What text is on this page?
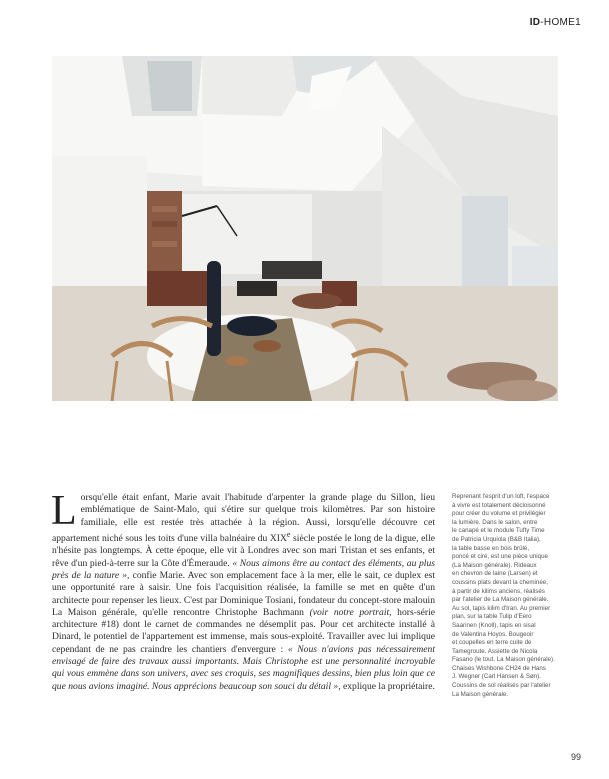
ID-HOME1

Lorsqu'elle était enfant, Marie avait l'habitude d'arpenter la grande plage du Sillon, lieu emblématique de Saint-Malo, qui s'étire sur quelque trois kilomètres. Par son histoire familiale, elle est restée très attachée à la région. Aussi, lorsqu'elle découvre cet appartement niché sous les toits d'une villa balnéaire du XIXe siècle postée le long de la digue, elle n'hésite pas longtemps. À cette époque, elle vit à Londres avec son mari Tristan et ses enfants, et rêve d'un pied-à-terre sur la Côte d'Émeraude. « Nous aimons être au contact des éléments, au plus près de la nature », confie Marie. Avec son emplacement face à la mer, elle le sait, ce duplex est une opportunité rare à saisir. Une fois l'acquisition réalisée, la famille se met en quête d'un architecte pour repenser les lieux. C'est par Dominique Tosiani, fondateur du concept-store malouin La Maison générale, qu'elle rencontre Christophe Bachmann (voir notre portrait, hors-série architecture #18) dont le carnet de commandes ne désemplit pas. Pour cet architecte installé à Dinard, le potentiel de l'appartement est immense, mais sous-exploité. Travailler avec lui implique cependant de ne pas craindre les chantiers d'envergure : « Nous n'avions pas nécessairement envisagé de faire des travaux aussi importants. Mais Christophe est une personnalité incroyable qui vous emmène dans son univers, avec ses croquis, ses magnifiques dessins, bien plus loin que ce que nous avions imaginé. Nous apprécions beaucoup son souci du détail », explique la propriétaire.

Reprenant l'esprit d'un loft, l'espace

à vivre est totalement décloisonné

pour créer du volume et privilégier

la lumière. Dans le salon, entre

le canapé et le module Tufty Time

de Patricia Urquiola (B&B Italia),

la table basse en bois brûlé,

poncé et ciré, est une pièce unique

(La Maison générale). Rideaux

en chevron de laine (Larsen) et

coussins plats devant la cheminée,

à partir de kilims anciens, réalisés

par l'atelier de La Maison générale.

Au sol, tapis kilim d'Iran. Au premier

plan, sur la table Tulip d'Eero

Saarinen (Knoll), tapis en sisal

de Valentina Hoyos. Bougeoir

et coupelles en terre cuite de

Tamegroute. Assiette de Nicola

Fasano (le tout, La Maison générale).

Chaises Wishbone CH24 de Hans

J. Wegner (Carl Hansen & Søn).

Coussins de sol réalisés par l'atelier

La Maison générale.

99
